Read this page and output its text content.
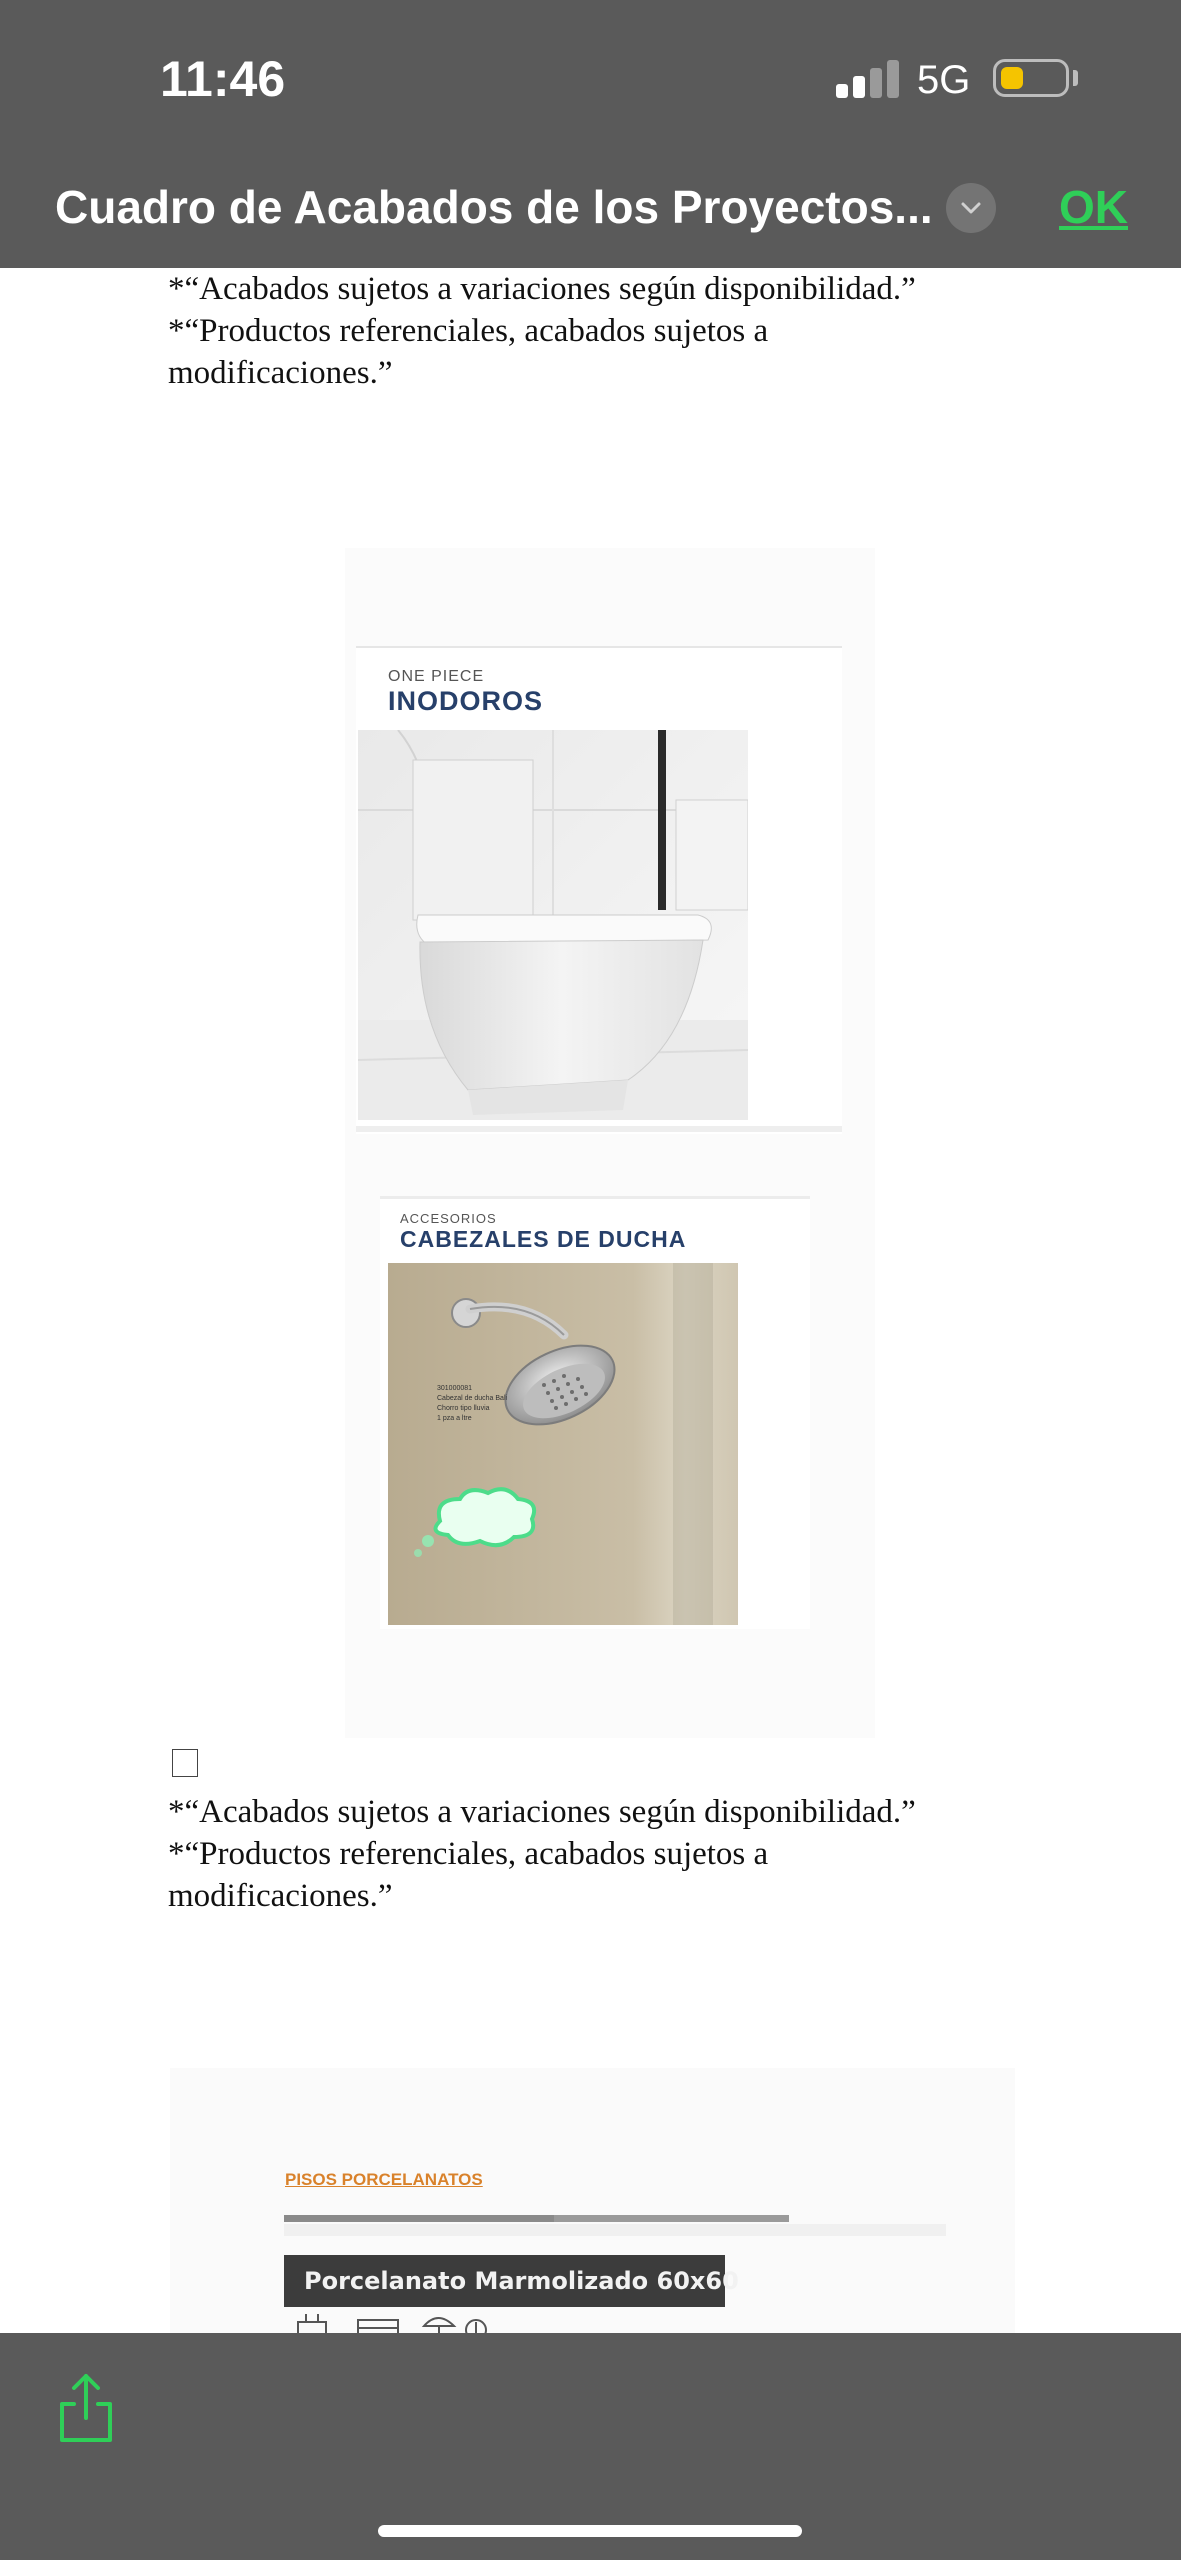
11:46	5G
Cuadro de Acabados de los Proyectos...	OK

*“Acabados sujetos a variaciones según disponibilidad.”

*“Productos referenciales, acabados sujetos a

modificaciones.”

ONE PIECE
INODOROS
ACCESORIOS
CABEZALES DE DUCHA
301000081
Cabezal de ducha Bali
Chorro tipo lluvia
1 pza a ltre

*“Acabados sujetos a variaciones según disponibilidad.”

*“Productos referenciales, acabados sujetos a

modificaciones.”

PISOS PORCELANATOS
Porcelanato Marmolizado 60x60
